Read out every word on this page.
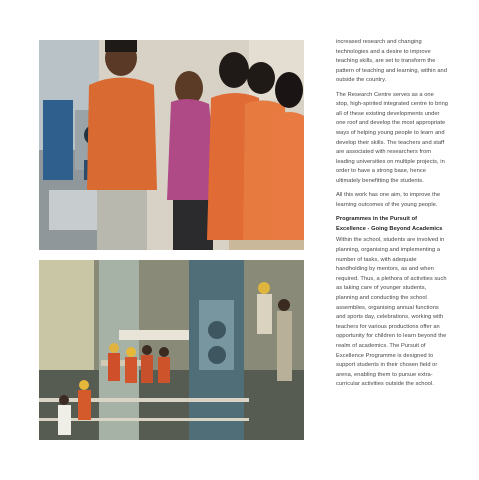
increased research and changing technologies and a desire to improve teaching skills, are set to transform the pattern of teaching and learning, within and outside the country.

The Research Centre serves as a one stop, high-spirited integrated centre to bring all of these existing developments under one roof and develop the most appropriate ways of helping young people to learn and develop their skills. The teachers and staff are associated with researchers from leading universities on multiple projects, in order to have a strong base, hence ultimately benefitting the students.

All this work has one aim, to improve the learning outcomes of the young people.

Programmes in the Pursuit of Excellence - Going Beyond Academics

Within the school, students are involved in planning, organising and implementing a number of tasks, with adequate handholding by mentors, as and when required. Thus, a plethora of activities such as taking care of younger students, planning and conducting the school assemblies, organising annual functions and sports day, celebrations, working with teachers for various productions offer an opportunity for children to learn beyond the realm of academics. The Pursuit of Excellence Programme is designed to support students in their chosen field or arena, enabling them to pursue extra-curricular activities outside the school.
